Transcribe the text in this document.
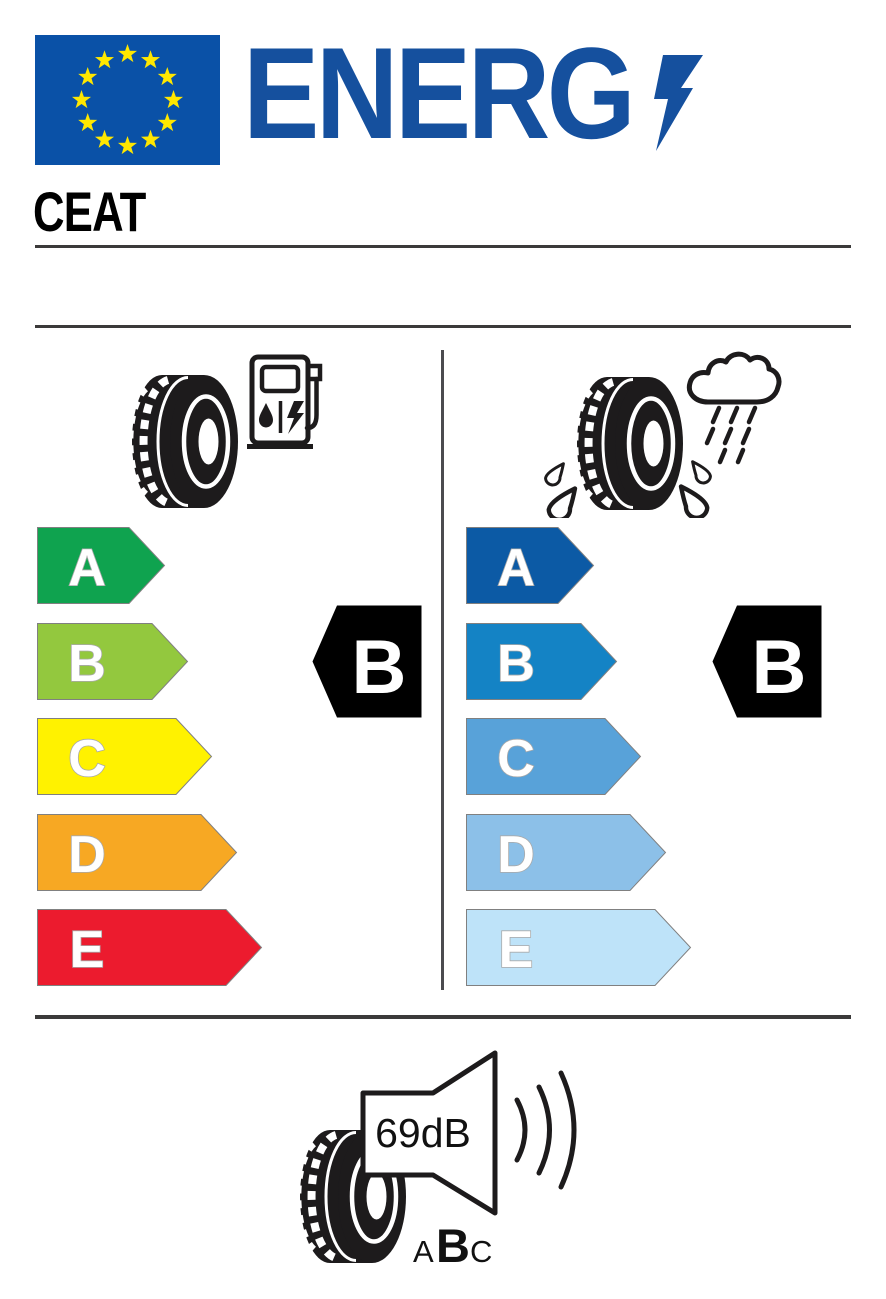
ENERG
CEAT
A
B
C
D
E
B
A
B
C
D
E
B
69dB
A B C
